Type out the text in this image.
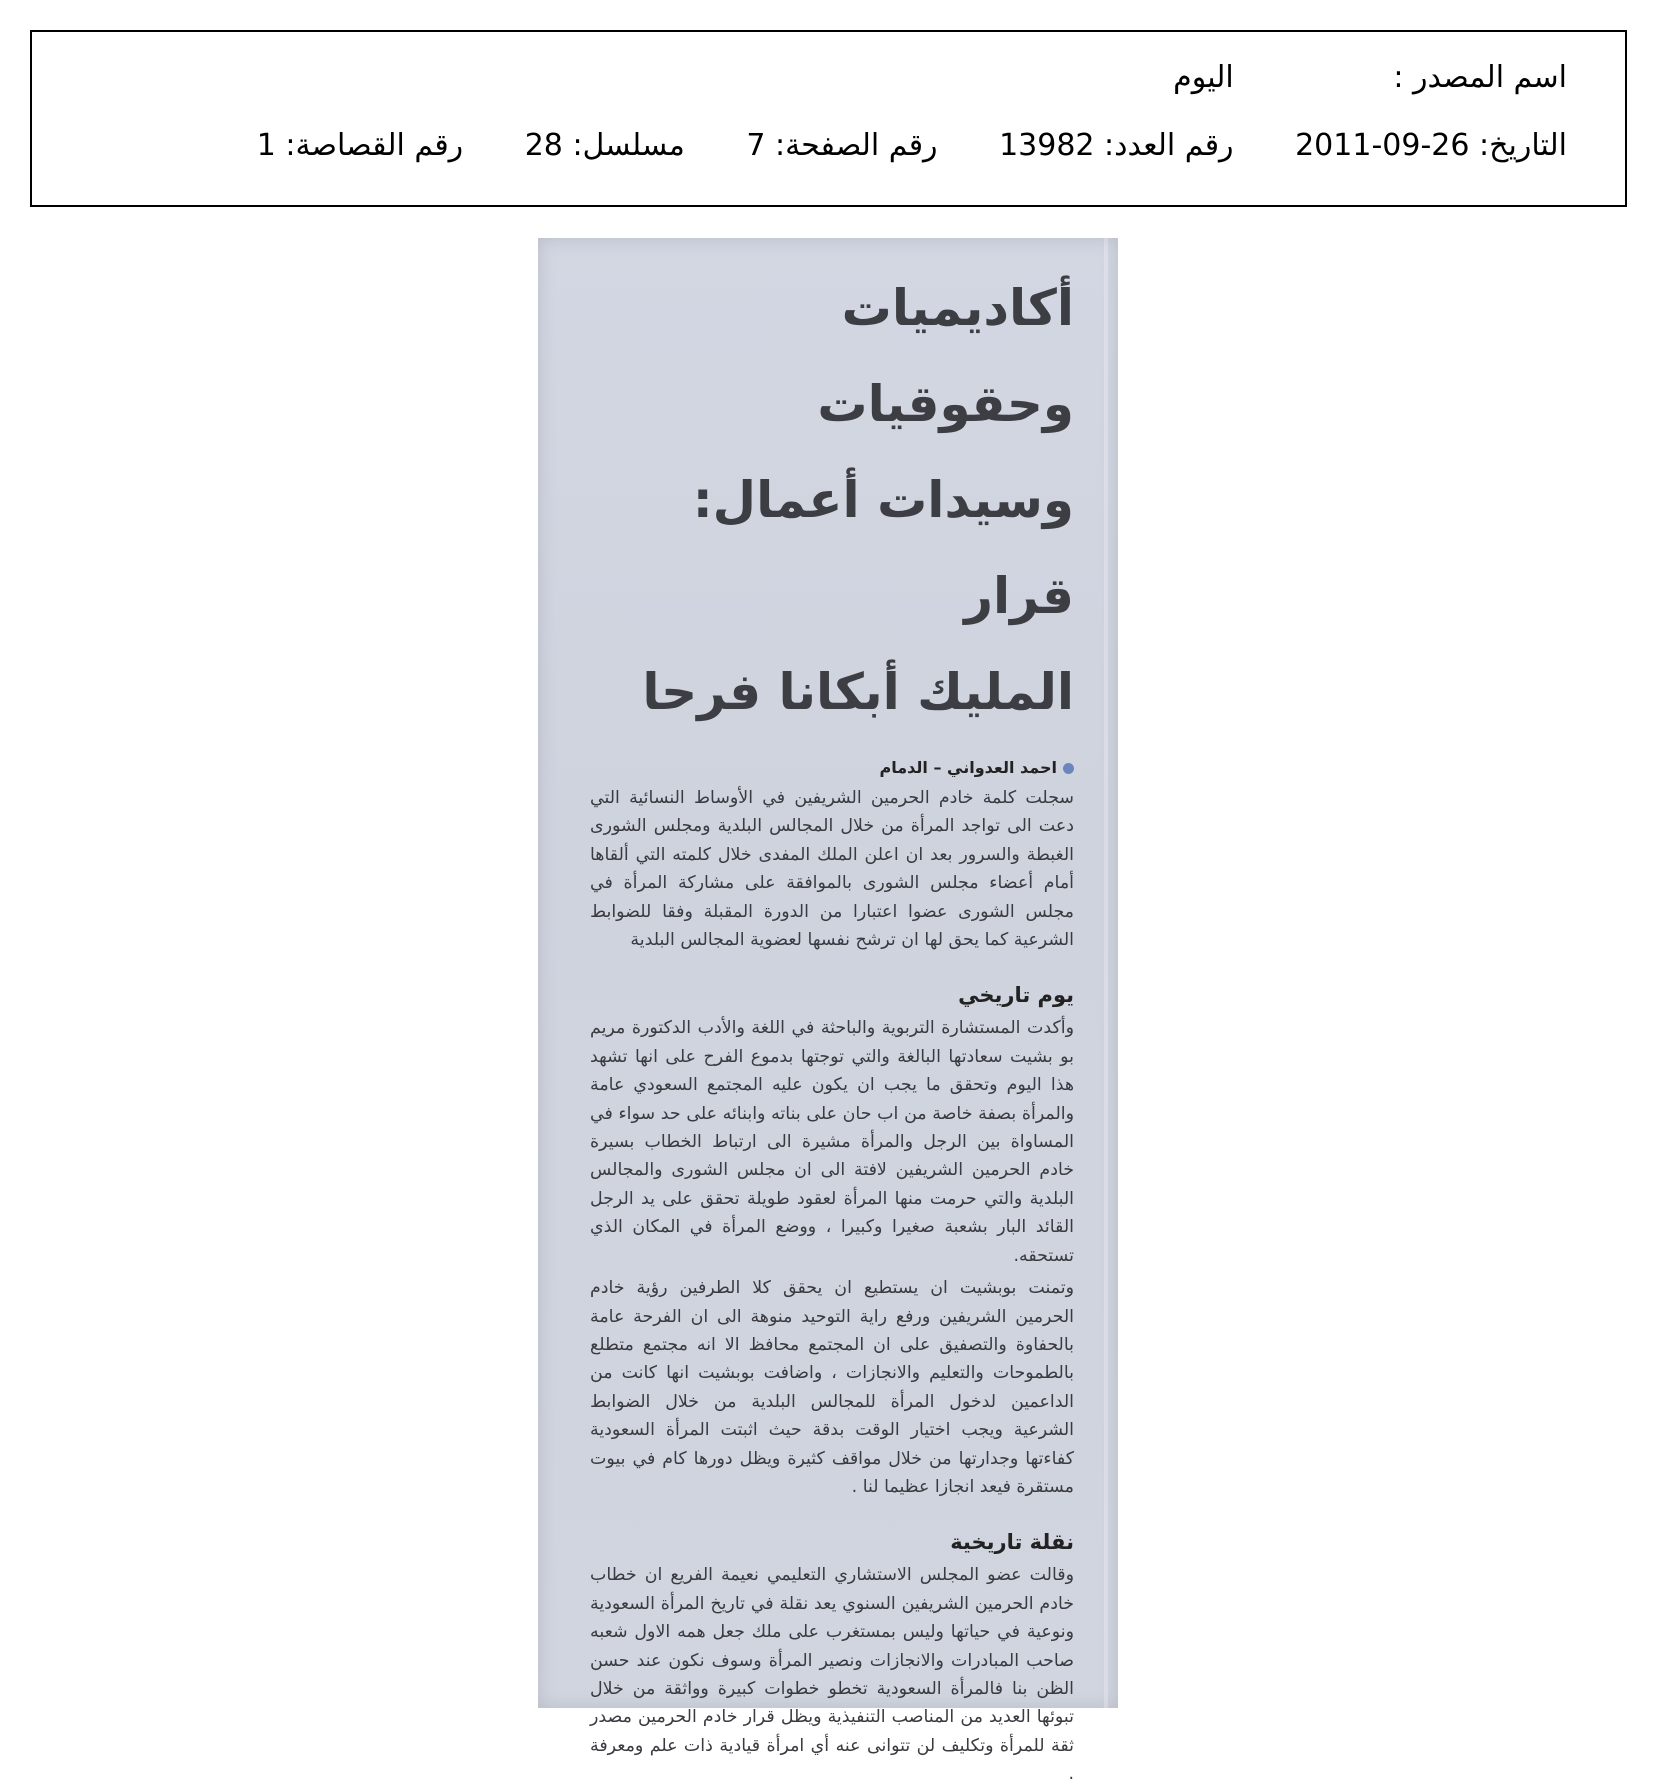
اسم المصدر : اليوم
التاريخ: 26-09-2011 رقم العدد: 13982 رقم الصفحة: 7 مسلسل: 28 رقم القصاصة: 1
أكاديميات وحقوقيات
وسيدات أعمال: قرار
المليك أبكانا فرحا
احمد العدواني – الدمام

سجلت كلمة خادم الحرمين الشريفين في الأوساط النسائية التي دعت الى تواجد المرأة من خلال المجالس البلدية ومجلس الشورى الغبطة والسرور بعد ان اعلن الملك المفدى خلال كلمته التي ألقاها أمام أعضاء مجلس الشورى بالموافقة على مشاركة المرأة في مجلس الشورى عضوا اعتبارا من الدورة المقبلة وفقا للضوابط الشرعية كما يحق لها ان ترشح نفسها لعضوية المجالس البلدية

يوم تاريخي

وأكدت المستشارة التربوية والباحثة في اللغة والأدب الدكتورة مريم بو بشيت سعادتها البالغة والتي توجتها بدموع الفرح على انها تشهد هذا اليوم وتحقق ما يجب ان يكون عليه المجتمع السعودي عامة والمرأة بصفة خاصة من اب حان على بناته وابنائه على حد سواء في المساواة بين الرجل والمرأة مشيرة الى ارتباط الخطاب بسيرة خادم الحرمين الشريفين لافتة الى ان مجلس الشورى والمجالس البلدية والتي حرمت منها المرأة لعقود طويلة تحقق على يد الرجل القائد البار بشعبة صغيرا وكبيرا ، ووضع المرأة في المكان الذي تستحقه.

وتمنت بوبشيت ان يستطيع ان يحقق كلا الطرفين رؤية خادم الحرمين الشريفين ورفع راية التوحيد منوهة الى ان الفرحة عامة بالحفاوة والتصفيق على ان المجتمع محافظ الا انه مجتمع متطلع بالطموحات والتعليم والانجازات ، واضافت بوبشيت انها كانت من الداعمين لدخول المرأة للمجالس البلدية من خلال الضوابط الشرعية ويجب اختيار الوقت بدقة حيث اثبتت المرأة السعودية كفاءتها وجدارتها من خلال مواقف كثيرة ويظل دورها كام في بيوت مستقرة فيعد انجازا عظيما لنا .

نقلة تاريخية

وقالت عضو المجلس الاستشاري التعليمي نعيمة الفريع ان خطاب خادم الحرمين الشريفين السنوي يعد نقلة في تاريخ المرأة السعودية ونوعية في حياتها وليس بمستغرب على ملك جعل همه الاول شعبه صاحب المبادرات والانجازات ونصير المرأة وسوف نكون عند حسن الظن بنا فالمرأة السعودية تخطو خطوات كبيرة وواثقة من خلال تبوئها العديد من المناصب التنفيذية ويظل قرار خادم الحرمين مصدر ثقة للمرأة وتكليف لن تتوانى عنه أي امرأة قيادية ذات علم ومعرفة .
